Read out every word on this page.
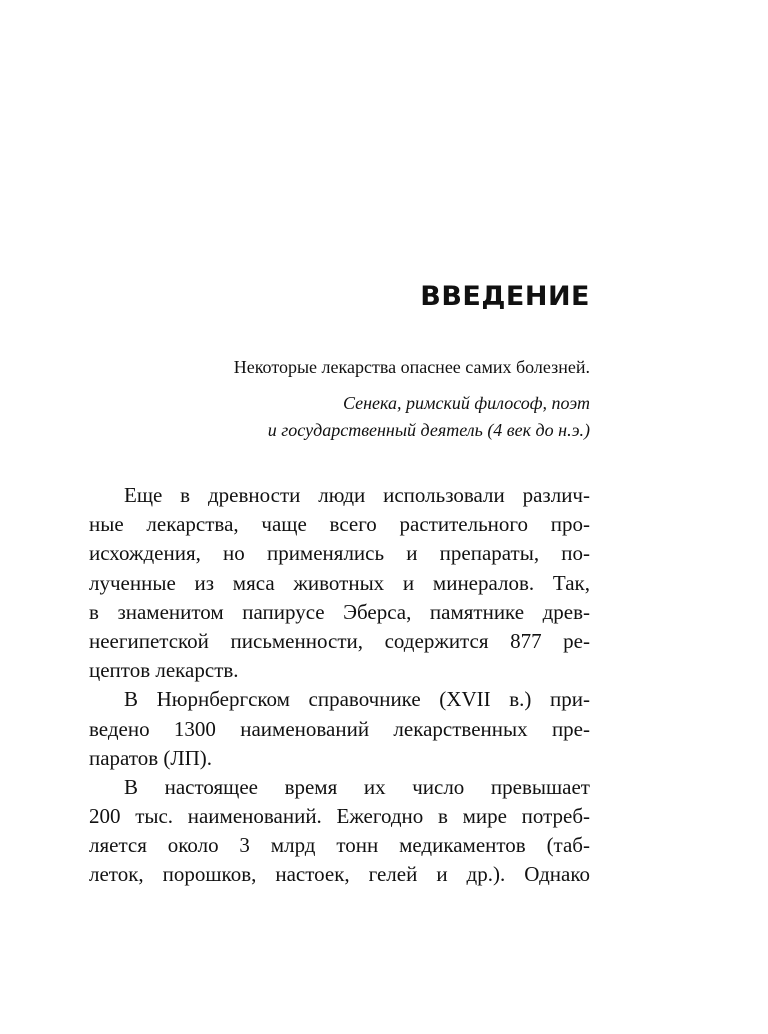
ВВЕДЕНИЕ

Некоторые лекарства опаснее самих болезней.

Сенека, римский философ, поэт
и государственный деятель (4 век до н.э.)

Еще в древности люди использовали различ-
ные лекарства, чаще всего растительного про-
исхождения, но применялись и препараты, по-
лученные из мяса животных и минералов. Так,
в знаменитом папирусе Эберса, памятнике древ-
неегипетской письменности, содержится 877 ре-
цептов лекарств.
В Нюрнбергском справочнике (XVII в.) при-
ведено 1300 наименований лекарственных пре-
паратов (ЛП).
В настоящее время их число превышает
200 тыс. наименований. Ежегодно в мире потреб-
ляется около 3 млрд тонн медикаментов (таб-
леток, порошков, настоек, гелей и др.). Однако
